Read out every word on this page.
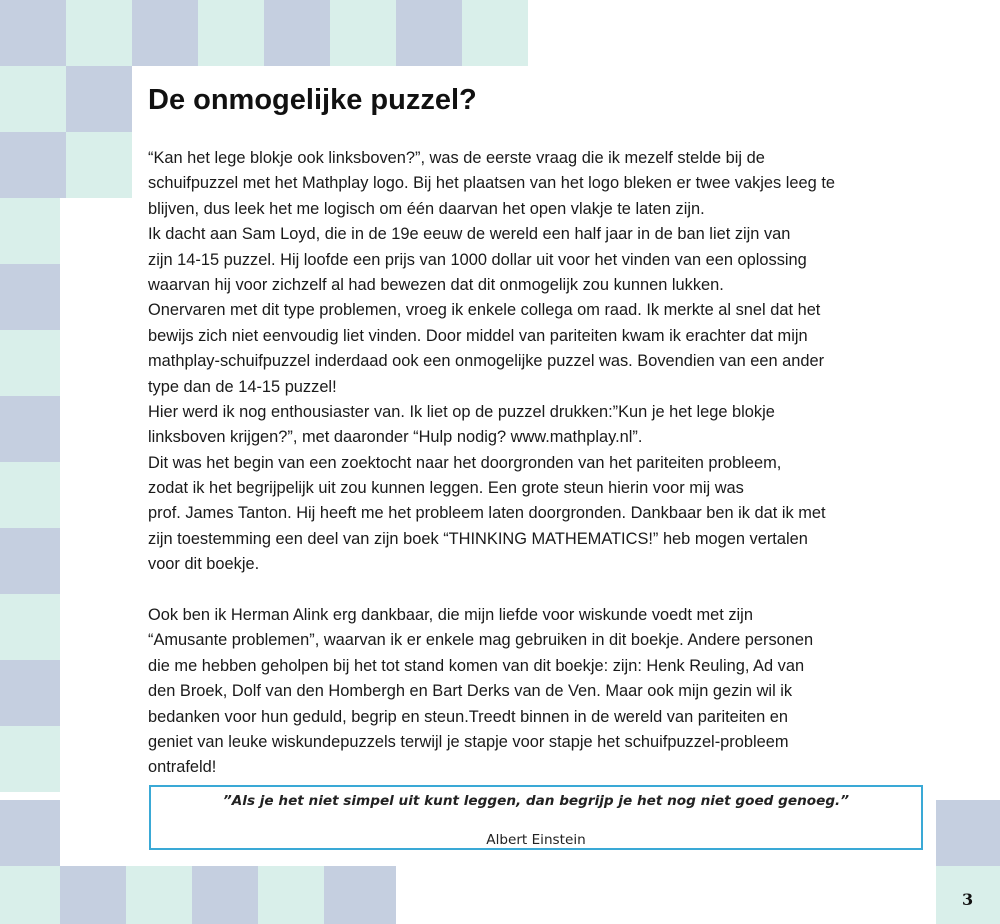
De onmogelijke puzzel?
“Kan het lege blokje ook linksboven?”, was de eerste vraag die ik mezelf stelde bij de
schuifpuzzel met het Mathplay logo. Bij het plaatsen van het logo bleken er twee vakjes leeg te
blijven, dus leek het me logisch om één daarvan het open vlakje te laten zijn.
Ik dacht aan Sam Loyd, die in de 19e eeuw de wereld een half jaar in de ban liet zijn van
zijn 14-15 puzzel. Hij loofde een prijs van 1000 dollar uit voor het vinden van een oplossing
waarvan hij voor zichzelf al had bewezen dat dit onmogelijk zou kunnen lukken.
Onervaren met dit type problemen, vroeg ik enkele collega om raad. Ik merkte al snel dat het
bewijs zich niet eenvoudig liet vinden. Door middel van pariteiten kwam ik erachter dat mijn
mathplay-schuifpuzzel inderdaad ook een onmogelijke puzzel was. Bovendien van een ander
type dan de 14-15 puzzel!
Hier werd ik nog enthousiaster van. Ik liet op de puzzel drukken:”Kun je het lege blokje
linksboven krijgen?”, met daaronder “Hulp nodig? www.mathplay.nl”.
Dit was het begin van een zoektocht naar het doorgronden van het pariteiten probleem,
zodat ik het begrijpelijk uit zou kunnen leggen. Een grote steun hierin voor mij was
prof. James Tanton. Hij heeft me het probleem laten doorgronden. Dankbaar ben ik dat ik met
zijn toestemming een deel van zijn boek “THINKING MATHEMATICS!” heb mogen vertalen
voor dit boekje.
Ook ben ik Herman Alink erg dankbaar, die mijn liefde voor wiskunde voedt met zijn
“Amusante problemen”, waarvan ik er enkele mag gebruiken in dit boekje. Andere personen
die me hebben geholpen bij het tot stand komen van dit boekje: zijn: Henk Reuling, Ad van
den Broek, Dolf van den Hombergh en Bart Derks van de Ven. Maar ook mijn gezin wil ik
bedanken voor hun geduld, begrip en steun.Treedt binnen in de wereld van pariteiten en
geniet van leuke wiskundepuzzels terwijl je stapje voor stapje het schuifpuzzel-probleem
ontrafeld!
”Als je het niet simpel uit kunt leggen, dan begrijp je het nog niet goed genoeg.”
Albert Einstein
3
